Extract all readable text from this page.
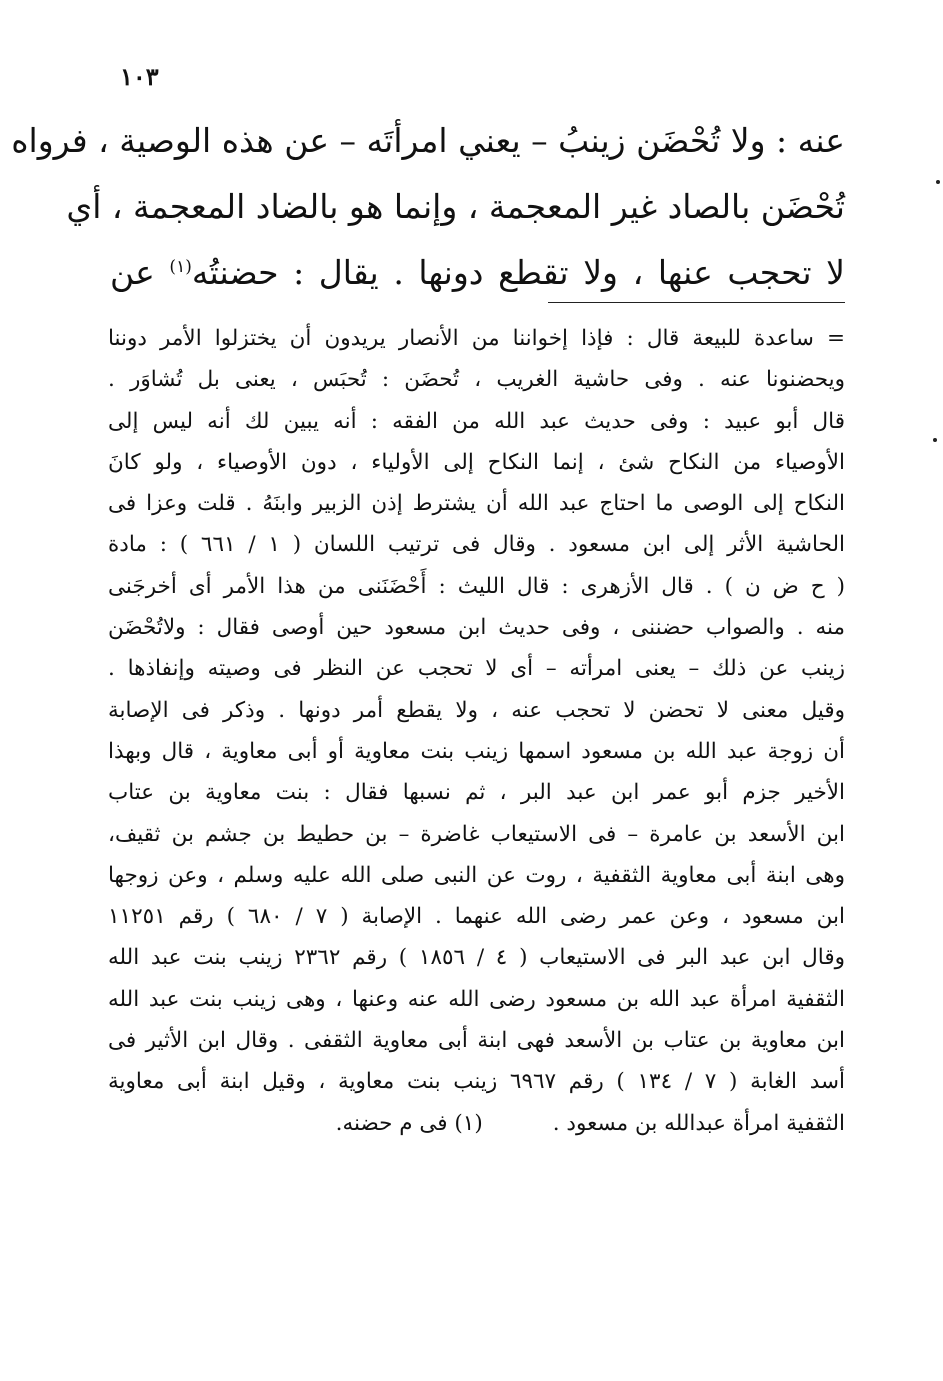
١٠٣
عنه : ولا تُحْضَن زينبُ – يعني امرأتَه – عن هذه الوصية ، فرواه
تُحْضَن بالصاد غير المعجمة ، وإنما هو بالضاد المعجمة ، أي
لا تحجب عنها ، ولا تقطع دونها . يقال : حضنتُه$^{(١)}$ عن
= ساعدة للبيعة قال : فإذا إخواننا من الأنصار يريدون أن يختزلوا الأمر دوننا
ويحضنونا عنه . وفى حاشية الغريب ، تُحضَن : تُحبَس ، يعنى بل تُشاوَر .
قال أبو عبيد : وفى حديث عبد الله من الفقه : أنه يبين لك أنه ليس إلى
الأوصياء من النكاح شئ ، إنما النكاح إلى الأولياء ، دون الأوصياء ، ولو كانَ
النكاح إلى الوصى ما احتاج عبد الله أن يشترط إذن الزبير وابنَهُ . قلت وعزا فى
الحاشية الأثر إلى ابن مسعود . وقال فى ترتيب اللسان ( ١ / ٦٦١ ) : مادة
( ح ض ن ) . قال الأزهرى : قال الليث : أَحْضَنَنى من هذا الأمر أى أخرجَنى
منه . والصواب حضننى ، وفى حديث ابن مسعود حين أوصى فقال : ولاتُحْضَن
زينب عن ذلك – يعنى امرأته – أى لا تحجب عن النظر فى وصيته وإنفاذها .
وقيل معنى لا تحضن لا تحجب عنه ، ولا يقطع أمر دونها . وذكر فى الإصابة
أن زوجة عبد الله بن مسعود اسمها زينب بنت معاوية أو أبى معاوية ، قال وبهذا
الأخير جزم أبو عمر ابن عبد البر ، ثم نسبها فقال : بنت معاوية بن عتاب
ابن الأسعد بن عامرة – فى الاستيعاب غاضرة – بن حطيط بن جشم بن ثقيف،
وهى ابنة أبى معاوية الثقفية ، روت عن النبى صلى الله عليه وسلم ، وعن زوجها
ابن مسعود ، وعن عمر رضى الله عنهما . الإصابة ( ٧ / ٦٨٠ ) رقم ١١٢٥١
وقال ابن عبد البر فى الاستيعاب ( ٤ / ١٨٥٦ ) رقم ٢٣٦٢ زينب بنت عبد الله
الثقفية امرأة عبد الله بن مسعود رضى الله عنه وعنها ، وهى زينب بنت عبد الله
ابن معاوية بن عتاب بن الأسعد فهى ابنة أبى معاوية الثقفى . وقال ابن الأثير فى
أسد الغابة ( ٧ / ١٣٤ ) رقم ٦٩٦٧ زينب بنت معاوية ، وقيل ابنة أبى معاوية
الثقفية امرأة عبدالله بن مسعود .(١) فى م حضنه.
